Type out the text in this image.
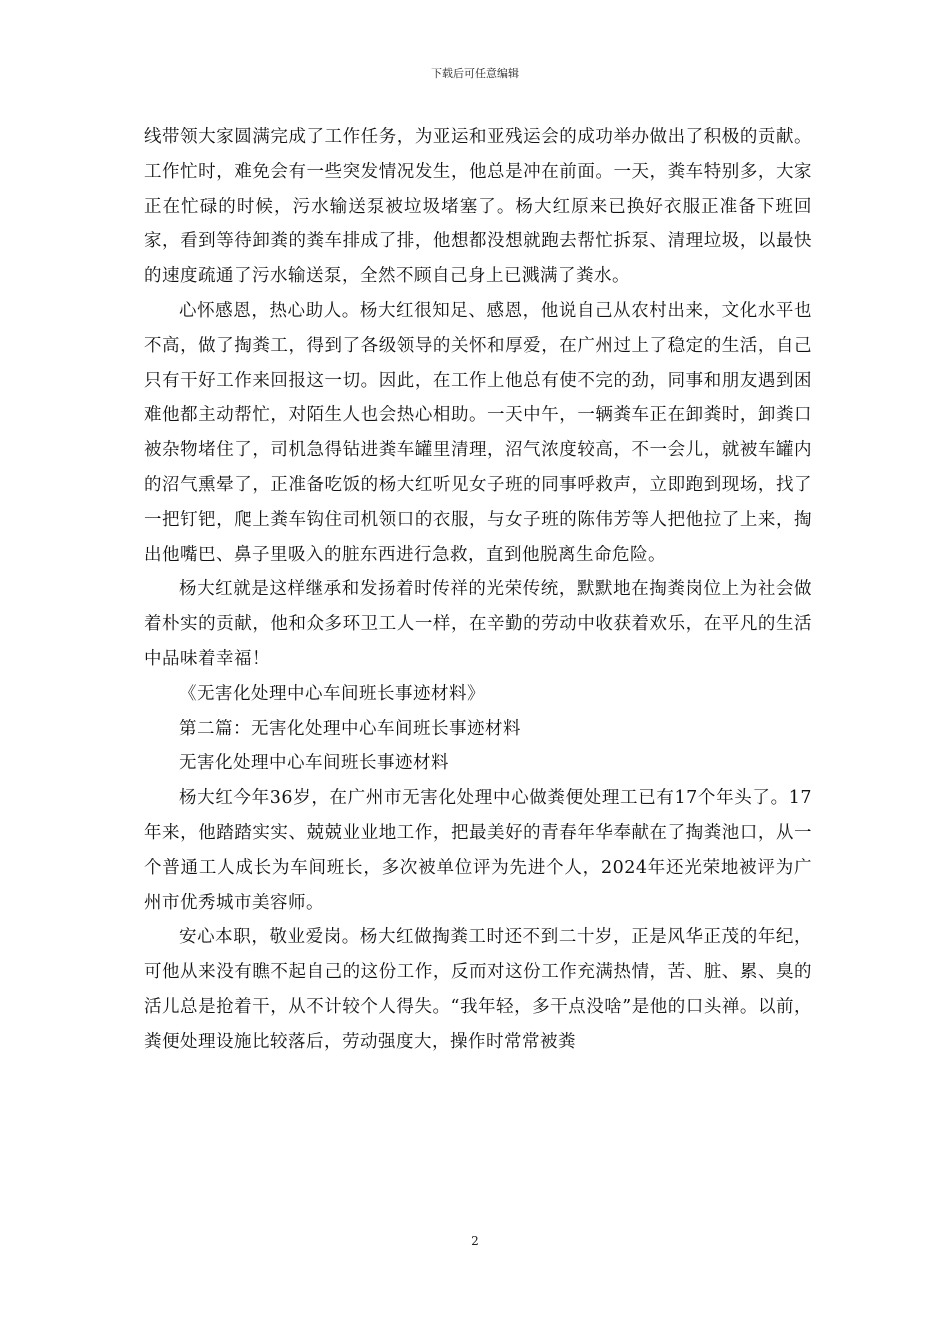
下载后可任意编辑

线带领大家圆满完成了工作任务，为亚运和亚残运会的成功举办做出了积极的贡献。工作忙时，难免会有一些突发情况发生，他总是冲在前面。一天，粪车特别多，大家正在忙碌的时候，污水输送泵被垃圾堵塞了。杨大红原来已换好衣服正准备下班回家，看到等待卸粪的粪车排成了排，他想都没想就跑去帮忙拆泵、清理垃圾，以最快的速度疏通了污水输送泵，全然不顾自己身上已溅满了粪水。

心怀感恩，热心助人。杨大红很知足、感恩，他说自己从农村出来，文化水平也不高，做了掏粪工，得到了各级领导的关怀和厚爱，在广州过上了稳定的生活，自己只有干好工作来回报这一切。因此，在工作上他总有使不完的劲，同事和朋友遇到困难他都主动帮忙，对陌生人也会热心相助。一天中午，一辆粪车正在卸粪时，卸粪口被杂物堵住了，司机急得钻进粪车罐里清理，沼气浓度较高，不一会儿，就被车罐内的沼气熏晕了，正准备吃饭的杨大红听见女子班的同事呼救声，立即跑到现场，找了一把钉钯，爬上粪车钩住司机领口的衣服，与女子班的陈伟芳等人把他拉了上来，掏出他嘴巴、鼻子里吸入的脏东西进行急救，直到他脱离生命危险。

杨大红就是这样继承和发扬着时传祥的光荣传统，默默地在掏粪岗位上为社会做着朴实的贡献，他和众多环卫工人一样，在辛勤的劳动中收获着欢乐，在平凡的生活中品味着幸福！

《无害化处理中心车间班长事迹材料》

第二篇：无害化处理中心车间班长事迹材料

无害化处理中心车间班长事迹材料

杨大红今年36岁，在广州市无害化处理中心做粪便处理工已有17个年头了。17年来，他踏踏实实、兢兢业业地工作，把最美好的青春年华奉献在了掏粪池口，从一个普通工人成长为车间班长，多次被单位评为先进个人，2024年还光荣地被评为广州市优秀城市美容师。

安心本职，敬业爱岗。杨大红做掏粪工时还不到二十岁，正是风华正茂的年纪，可他从来没有瞧不起自己的这份工作，反而对这份工作充满热情，苦、脏、累、臭的活儿总是抢着干，从不计较个人得失。“我年轻，多干点没啥”是他的口头禅。以前，粪便处理设施比较落后，劳动强度大，操作时常常被粪

2
